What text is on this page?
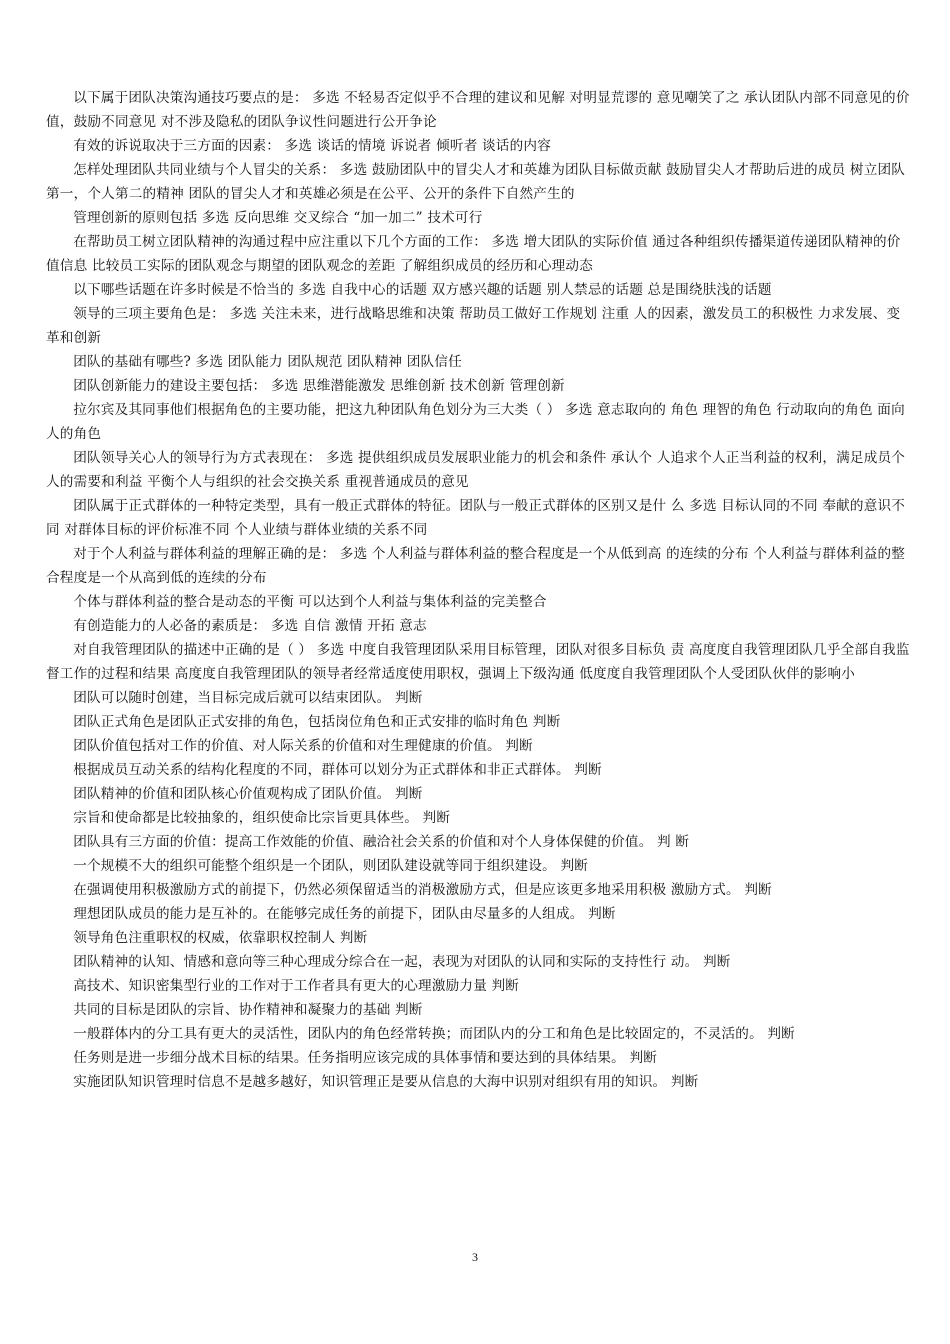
以下属于团队决策沟通技巧要点的是： 多选 不轻易否定似乎不合理的建议和见解 对明显荒谬的 意见嘲笑了之 承认团队内部不同意见的价值，鼓励不同意见 对不涉及隐私的团队争议性问题进行公开争论

有效的诉说取决于三方面的因素： 多选 谈话的情境 诉说者 倾听者 谈话的内容

怎样处理团队共同业绩与个人冒尖的关系： 多选 鼓励团队中的冒尖人才和英雄为团队目标做贡献 鼓励冒尖人才帮助后进的成员 树立团队第一，个人第二的精神 团队的冒尖人才和英雄必须是在公平、公开的条件下自然产生的

管理创新的原则包括 多选 反向思维 交叉综合 “加一加二” 技术可行

在帮助员工树立团队精神的沟通过程中应注重以下几个方面的工作： 多选 增大团队的实际价值 通过各种组织传播渠道传递团队精神的价值信息 比较员工实际的团队观念与期望的团队观念的差距 了解组织成员的经历和心理动态

以下哪些话题在许多时候是不恰当的 多选 自我中心的话题 双方感兴趣的话题 别人禁忌的话题 总是围绕肤浅的话题

领导的三项主要角色是： 多选 关注未来，进行战略思维和决策 帮助员工做好工作规划 注重 人的因素，激发员工的积极性 力求发展、变革和创新

团队的基础有哪些? 多选 团队能力 团队规范 团队精神 团队信任

团队创新能力的建设主要包括： 多选 思维潜能激发 思维创新 技术创新 管理创新

拉尔宾及其同事他们根据角色的主要功能，把这九种团队角色划分为三大类（ ） 多选 意志取向的 角色 理智的角色 行动取向的角色 面向人的角色

团队领导关心人的领导行为方式表现在： 多选 提供组织成员发展职业能力的机会和条件 承认个 人追求个人正当利益的权利，满足成员个人的需要和利益 平衡个人与组织的社会交换关系 重视普通成员的意见

团队属于正式群体的一种特定类型，具有一般正式群体的特征。团队与一般正式群体的区别又是什 么 多选 目标认同的不同 奉献的意识不同 对群体目标的评价标准不同 个人业绩与群体业绩的关系不同

对于个人利益与群体利益的理解正确的是： 多选 个人利益与群体利益的整合程度是一个从低到高 的连续的分布 个人利益与群体利益的整合程度是一个从高到低的连续的分布

个体与群体利益的整合是动态的平衡 可以达到个人利益与集体利益的完美整合

有创造能力的人必备的素质是： 多选 自信 激情 开拓 意志

对自我管理团队的描述中正确的是（ ） 多选 中度自我管理团队采用目标管理，团队对很多目标负 责 高度度自我管理团队几乎全部自我监督工作的过程和结果 高度度自我管理团队的领导者经常适度使用职权，强调上下级沟通 低度度自我管理团队个人受团队伙伴的影响小

团队可以随时创建，当目标完成后就可以结束团队。 判断

团队正式角色是团队正式安排的角色，包括岗位角色和正式安排的临时角色 判断

团队价值包括对工作的价值、对人际关系的价值和对生理健康的价值。 判断

根据成员互动关系的结构化程度的不同，群体可以划分为正式群体和非正式群体。 判断

团队精神的价值和团队核心价值观构成了团队价值。 判断

宗旨和使命都是比较抽象的，组织使命比宗旨更具体些。 判断

团队具有三方面的价值：提高工作效能的价值、融洽社会关系的价值和对个人身体保健的价值。 判 断

一个规模不大的组织可能整个组织是一个团队，则团队建设就等同于组织建设。 判断

在强调使用积极激励方式的前提下，仍然必须保留适当的消极激励方式，但是应该更多地采用积极 激励方式。 判断

理想团队成员的能力是互补的。在能够完成任务的前提下，团队由尽量多的人组成。 判断

领导角色注重职权的权威，依靠职权控制人 判断

团队精神的认知、情感和意向等三种心理成分综合在一起，表现为对团队的认同和实际的支持性行 动。 判断

高技术、知识密集型行业的工作对于工作者具有更大的心理激励力量 判断

共同的目标是团队的宗旨、协作精神和凝聚力的基础 判断

一般群体内的分工具有更大的灵活性，团队内的角色经常转换；而团队内的分工和角色是比较固定的，不灵活的。 判断

任务则是进一步细分战术目标的结果。任务指明应该完成的具体事情和要达到的具体结果。 判断

实施团队知识管理时信息不是越多越好，知识管理正是要从信息的大海中识别对组织有用的知识。 判断

3
